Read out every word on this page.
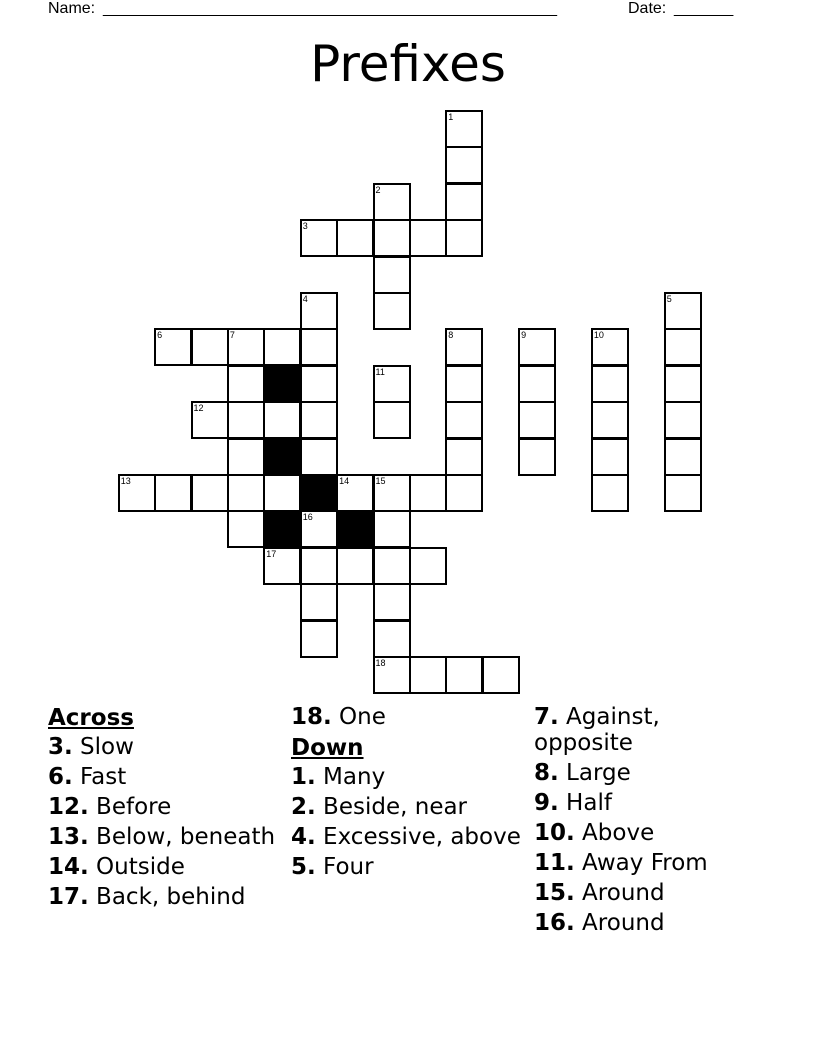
Name: ______________________________________________________	Date: _______
Prefixes
1
2
3
4	5
6	7	8	9	10
11
12
13	14	15
16
17
18
Across
3. Slow
6. Fast
12. Before
13. Below, beneath
14. Outside
17. Back, behind
18. One
Down
1. Many
2. Beside, near
4. Excessive, above
5. Four
7. Against, opposite
8. Large
9. Half
10. Above
11. Away From
15. Around
16. Around
